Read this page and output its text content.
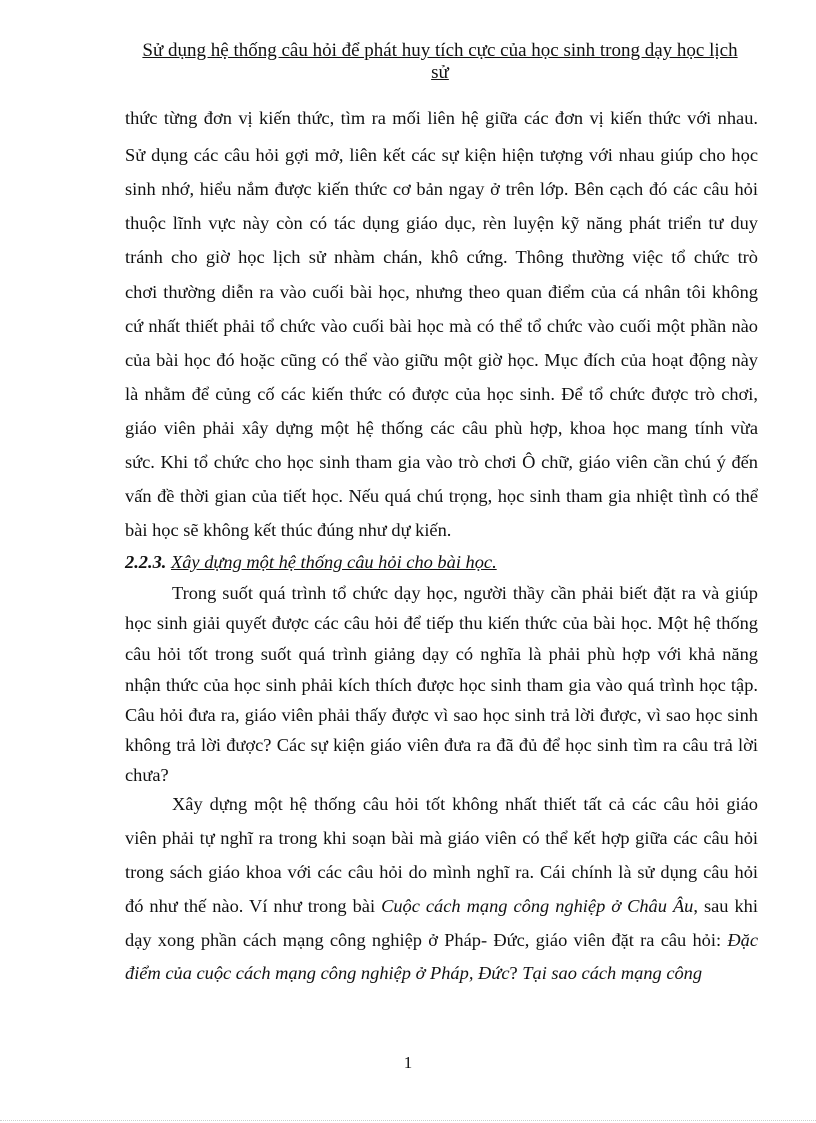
Sử dụng hệ thống câu hỏi để phát huy tích cực của học sinh trong dạy học lịch
sử
thức từng đơn vị kiến thức, tìm ra mối liên hệ giữa các đơn vị kiến thức với nhau.
Sử dụng các câu hỏi gợi mở, liên kết các sự kiện hiện tượng với nhau giúp cho học
sinh nhớ, hiểu nắm được kiến thức cơ bản ngay ở trên lớp. Bên cạch đó các câu hỏi
thuộc lĩnh vực này còn có tác dụng giáo dục, rèn luyện kỹ năng phát triển tư duy
tránh cho giờ học lịch sử nhàm chán, khô cứng. Thông thường việc tổ chức trò
chơi thường diễn ra vào cuối bài học, nhưng theo quan điểm của cá nhân tôi không
cứ nhất thiết phải tổ chức vào cuối bài học mà có thể tổ chức vào cuối một phần nào
của bài học đó hoặc cũng có thể vào giữu một giờ học. Mục đích của hoạt động này
là nhằm để củng cố các kiến thức có được của học sinh. Để tổ chức được trò chơi,
giáo viên phải xây dựng một hệ thống các câu phù hợp, khoa học mang tính vừa
sức. Khi tổ chức cho học sinh tham gia vào trò chơi Ô chữ, giáo viên cần chú ý đến
vấn đề thời gian của tiết học. Nếu quá chú trọng, học sinh tham gia nhiệt tình có thể
bài học sẽ không kết thúc đúng như dự kiến.
2.2.3. Xây dựng một hệ thống câu hỏi cho bài học.
Trong suốt quá trình tổ chức dạy học, người thầy cần phải biết đặt ra và giúp
học sinh giải quyết được các câu hỏi để tiếp thu kiến thức của bài học. Một hệ thống
câu hỏi tốt trong suốt quá trình giảng dạy có nghĩa là phải phù hợp với khả năng
nhận thức của học sinh phải kích thích được học sinh tham gia vào quá trình học tập.
Câu hỏi đưa ra, giáo viên phải thấy được vì sao học sinh trả lời được, vì sao học sinh
không trả lời được? Các sự kiện giáo viên đưa ra đã đủ để học sinh tìm ra câu trả lời
chưa?
Xây dựng một hệ thống câu hỏi tốt không nhất thiết tất cả các câu hỏi giáo
viên phải tự nghĩ ra trong khi soạn bài mà giáo viên có thể kết hợp giữa các câu hỏi
trong sách giáo khoa với các câu hỏi do mình nghĩ ra. Cái chính là sử dụng câu hỏi
đó như thế nào. Ví như trong bài Cuộc cách mạng công nghiệp ở Châu Âu, sau khi
dạy xong phần cách mạng công nghiệp ở Pháp- Đức, giáo viên đặt ra câu hỏi: Đặc
điểm của cuộc cách mạng công nghiệp ở Pháp, Đức? Tại sao cách mạng công
1
